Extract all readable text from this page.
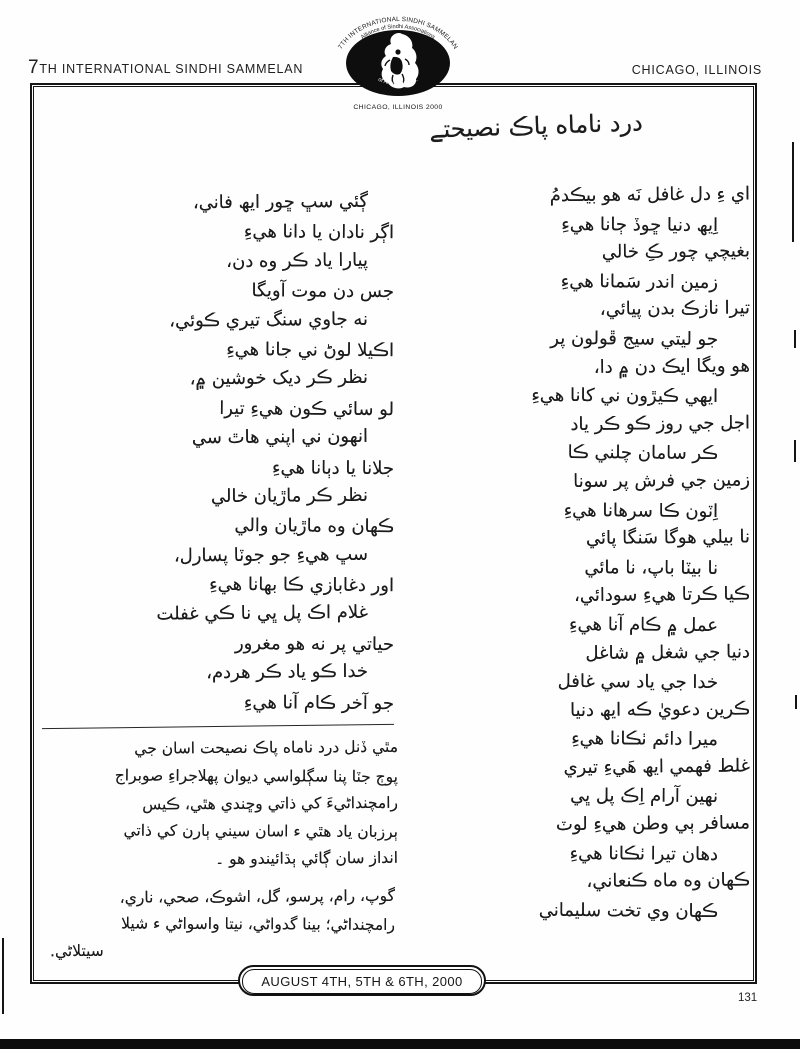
7TH INTERNATIONAL SINDHI SAMMELAN	CHICAGO, ILLINOIS
7TH INTERNATIONAL SINDHI SAMMELAN
Alliance of Sindhi Associations
of Americas, Inc.
CHICAGO, ILLINOIS 2000
درد ناماه پاڪ نصيحتے
اي ءِ دل غافل نَه هو بيڪدمُ
اِيھ دنيا ڇوڏ ڄانا هيءِ
بغيچي چور ڪِ خالي
زمين اندر سَمانا هيءِ
تيرا نازڪ بدن پيائي،
جو ليتي سيج ڦولون پر
هو ويگا ايڪ دن ۾ دا،
ايھي ڪيڙون ني کانا هيءِ
اجل جي روز ڪو ڪر ياد
ڪر سامان چلني ڪا
زمين جي فرش پر سونا
اِٽون ڪا سرهانا هيءِ
نا بيلي هوگا سَنگا پائي
نا بيٽا باپ، نا مائي
ڪيا ڪرتا هيءِ سودائي،
عمل ۾ ڪام آنا هيءِ
دنيا جي شغل ۾ شاغل
خدا جي ياد سي غافل
ڪرين دعويٰ ڪه ايھ دنيا
ميرا دائم ٺڪانا هيءِ
غلط فهمي ايھ هَيءِ تيري
نهين آرام اِڪ پل ڀي
مسافر ٻي وطن هيءِ لوٽ
دهان تيرا ٺڪانا هيءِ
ڪهان وه ماه ڪنعاني،
ڪهان وي تخت سليماني
ڳئي سڀ ڇور ايھ فاني،
اڳر نادان يا دانا هيءِ
پيارا ياد ڪر وه دن،
جس دن موت آويگا
نه جاوي سنگ تيري ڪوئي،
اڪيلا لوڻ ني جانا هيءِ
نظر ڪر ديک خوشين ۾،
لو سائي ڪون هيءِ تيرا
انهون ني اپني هاٿ سي
جلانا يا دٻانا هيءِ
نظر ڪر ماڙيان خالي
ڪهان وه ماڙيان والي
سڀ هيءِ جو جوٽا پسارل،
اور دغابازي ڪا بهانا هيءِ
غلام اڪ پل ڀي نا ڪي غفلت
حياتي پر نه هو مغرور
خدا ڪو ياد ڪر هردم،
جو آخر ڪام آنا هيءِ
مٿي ڏنل درد ناماه پاڪ نصيحت اسان جي
پوڄ جٽا پنا سڳلواسي ديوان پهلاجراءِ صوبراج
رامچنداڻيءَ کي ذاتي وڇندي هٿي، ڪيس
ٻرزبان ياد هٿي ء اسان سيني ٻارن کي ذاتي
انداز سان ڳائي ٻڌائيندو هو ۔
گوپ، رام، پرسو، گل، اشوڪ، صحي، ناري،
رامچنداڻي؛ بينا گدواڻي، نيتا واسواڻي ء شيلا
سيتلاڻي.
AUGUST 4TH, 5TH & 6TH, 2000
131
